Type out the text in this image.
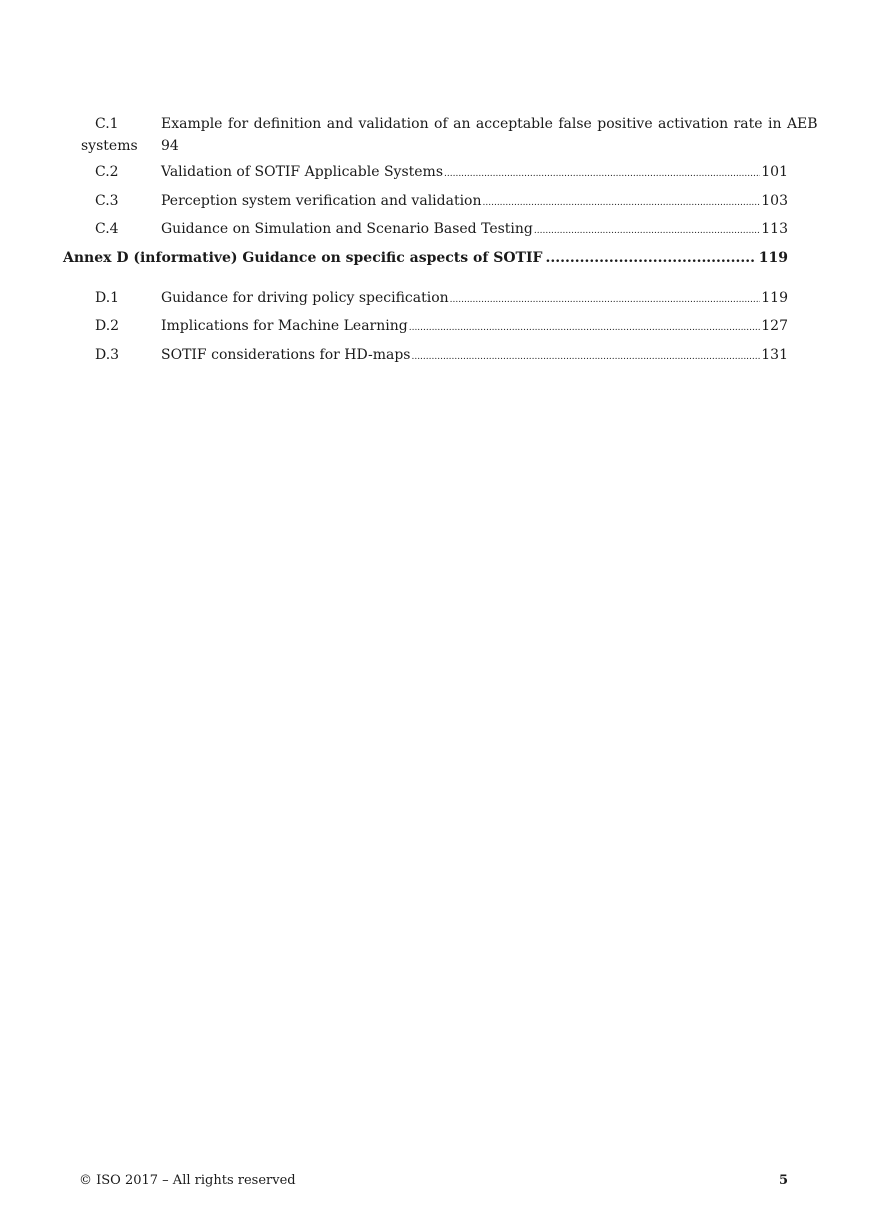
C.1	Example for definition and validation of an acceptable false positive activation rate in AEB
systems	94
C.2	Validation of SOTIF Applicable Systems .....	101
C.3	Perception system verification and validation .....	103
C.4	Guidance on Simulation and Scenario Based Testing .....	113
Annex D (informative) Guidance on specific aspects of SOTIF .....	119
D.1	Guidance for driving policy specification .....	119
D.2	Implications for Machine Learning .....	127
D.3	SOTIF considerations for HD-maps .....	131
© ISO 2017 – All rights reserved	5
